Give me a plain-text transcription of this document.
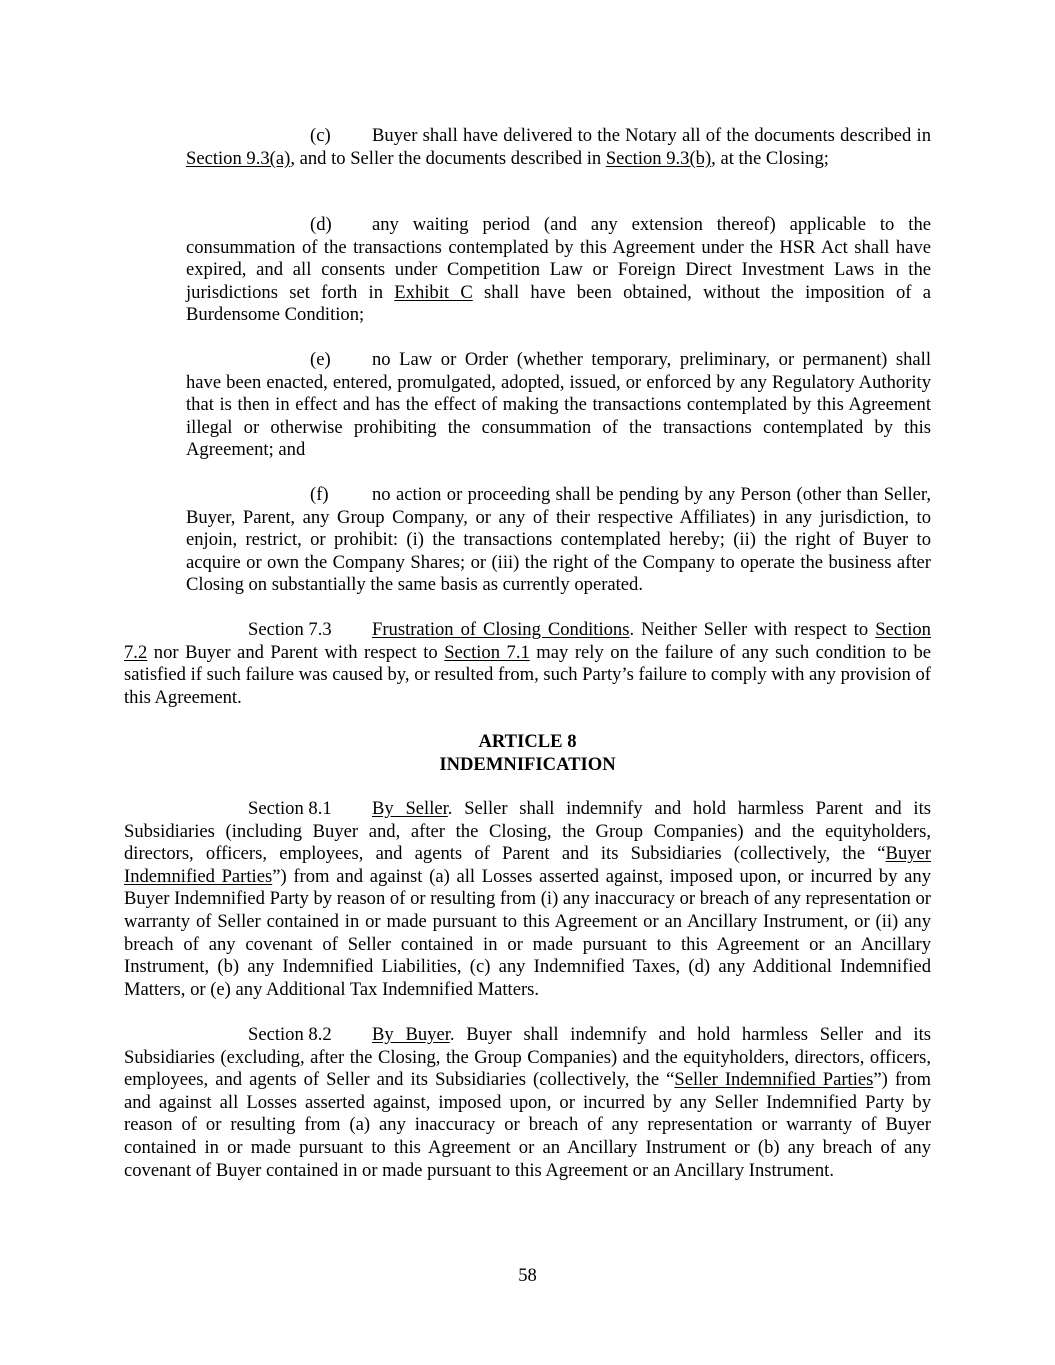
(c) Buyer shall have delivered to the Notary all of the documents described in Section 9.3(a), and to Seller the documents described in Section 9.3(b), at the Closing;

(d) any waiting period (and any extension thereof) applicable to the consummation of the transactions contemplated by this Agreement under the HSR Act shall have expired, and all consents under Competition Law or Foreign Direct Investment Laws in the jurisdictions set forth in Exhibit C shall have been obtained, without the imposition of a Burdensome Condition;

(e) no Law or Order (whether temporary, preliminary, or permanent) shall have been enacted, entered, promulgated, adopted, issued, or enforced by any Regulatory Authority that is then in effect and has the effect of making the transactions contemplated by this Agreement illegal or otherwise prohibiting the consummation of the transactions contemplated by this Agreement; and

(f) no action or proceeding shall be pending by any Person (other than Seller, Buyer, Parent, any Group Company, or any of their respective Affiliates) in any jurisdiction, to enjoin, restrict, or prohibit: (i) the transactions contemplated hereby; (ii) the right of Buyer to acquire or own the Company Shares; or (iii) the right of the Company to operate the business after Closing on substantially the same basis as currently operated.

Section 7.3 Frustration of Closing Conditions. Neither Seller with respect to Section 7.2 nor Buyer and Parent with respect to Section 7.1 may rely on the failure of any such condition to be satisfied if such failure was caused by, or resulted from, such Party’s failure to comply with any provision of this Agreement.

ARTICLE 8

INDEMNIFICATION

Section 8.1 By Seller. Seller shall indemnify and hold harmless Parent and its Subsidiaries (including Buyer and, after the Closing, the Group Companies) and the equityholders, directors, officers, employees, and agents of Parent and its Subsidiaries (collectively, the “Buyer Indemnified Parties”) from and against (a) all Losses asserted against, imposed upon, or incurred by any Buyer Indemnified Party by reason of or resulting from (i) any inaccuracy or breach of any representation or warranty of Seller contained in or made pursuant to this Agreement or an Ancillary Instrument, or (ii) any breach of any covenant of Seller contained in or made pursuant to this Agreement or an Ancillary Instrument, (b) any Indemnified Liabilities, (c) any Indemnified Taxes, (d) any Additional Indemnified Matters, or (e) any Additional Tax Indemnified Matters.

Section 8.2 By Buyer. Buyer shall indemnify and hold harmless Seller and its Subsidiaries (excluding, after the Closing, the Group Companies) and the equityholders, directors, officers, employees, and agents of Seller and its Subsidiaries (collectively, the “Seller Indemnified Parties”) from and against all Losses asserted against, imposed upon, or incurred by any Seller Indemnified Party by reason of or resulting from (a) any inaccuracy or breach of any representation or warranty of Buyer contained in or made pursuant to this Agreement or an Ancillary Instrument or (b) any breach of any covenant of Buyer contained in or made pursuant to this Agreement or an Ancillary Instrument.

58
